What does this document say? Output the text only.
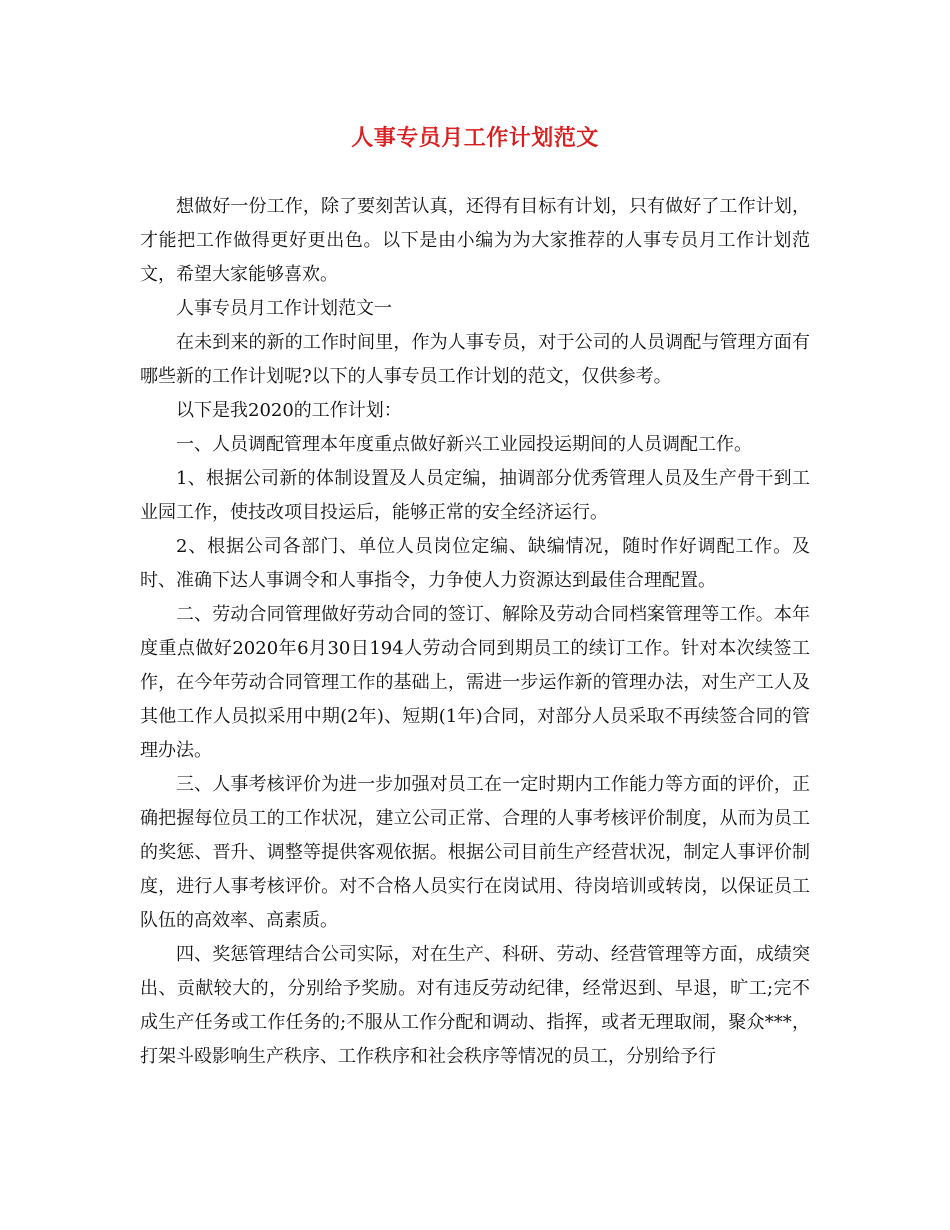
人事专员月工作计划范文

想做好一份工作，除了要刻苦认真，还得有目标有计划，只有做好了工作计划，才能把工作做得更好更出色。以下是由小编为为大家推荐的人事专员月工作计划范文，希望大家能够喜欢。

人事专员月工作计划范文一

在未到来的新的工作时间里，作为人事专员，对于公司的人员调配与管理方面有哪些新的工作计划呢?以下的人事专员工作计划的范文，仅供参考。

以下是我2020的工作计划：

一、人员调配管理本年度重点做好新兴工业园投运期间的人员调配工作。

1、根据公司新的体制设置及人员定编，抽调部分优秀管理人员及生产骨干到工业园工作，使技改项目投运后，能够正常的安全经济运行。

2、根据公司各部门、单位人员岗位定编、缺编情况，随时作好调配工作。及时、准确下达人事调令和人事指令，力争使人力资源达到最佳合理配置。

二、劳动合同管理做好劳动合同的签订、解除及劳动合同档案管理等工作。本年度重点做好2020年6月30日194人劳动合同到期员工的续订工作。针对本次续签工作，在今年劳动合同管理工作的基础上，需进一步运作新的管理办法，对生产工人及其他工作人员拟采用中期(2年)、短期(1年)合同，对部分人员采取不再续签合同的管理办法。

三、人事考核评价为进一步加强对员工在一定时期内工作能力等方面的评价，正确把握每位员工的工作状况，建立公司正常、合理的人事考核评价制度，从而为员工的奖惩、晋升、调整等提供客观依据。根据公司目前生产经营状况，制定人事评价制度，进行人事考核评价。对不合格人员实行在岗试用、待岗培训或转岗，以保证员工队伍的高效率、高素质。

四、奖惩管理结合公司实际，对在生产、科研、劳动、经营管理等方面，成绩突出、贡献较大的，分别给予奖励。对有违反劳动纪律，经常迟到、早退，旷工;完不成生产任务或工作任务的;不服从工作分配和调动、指挥，或者无理取闹，聚众***，打架斗殴影响生产秩序、工作秩序和社会秩序等情况的员工，分别给予行
